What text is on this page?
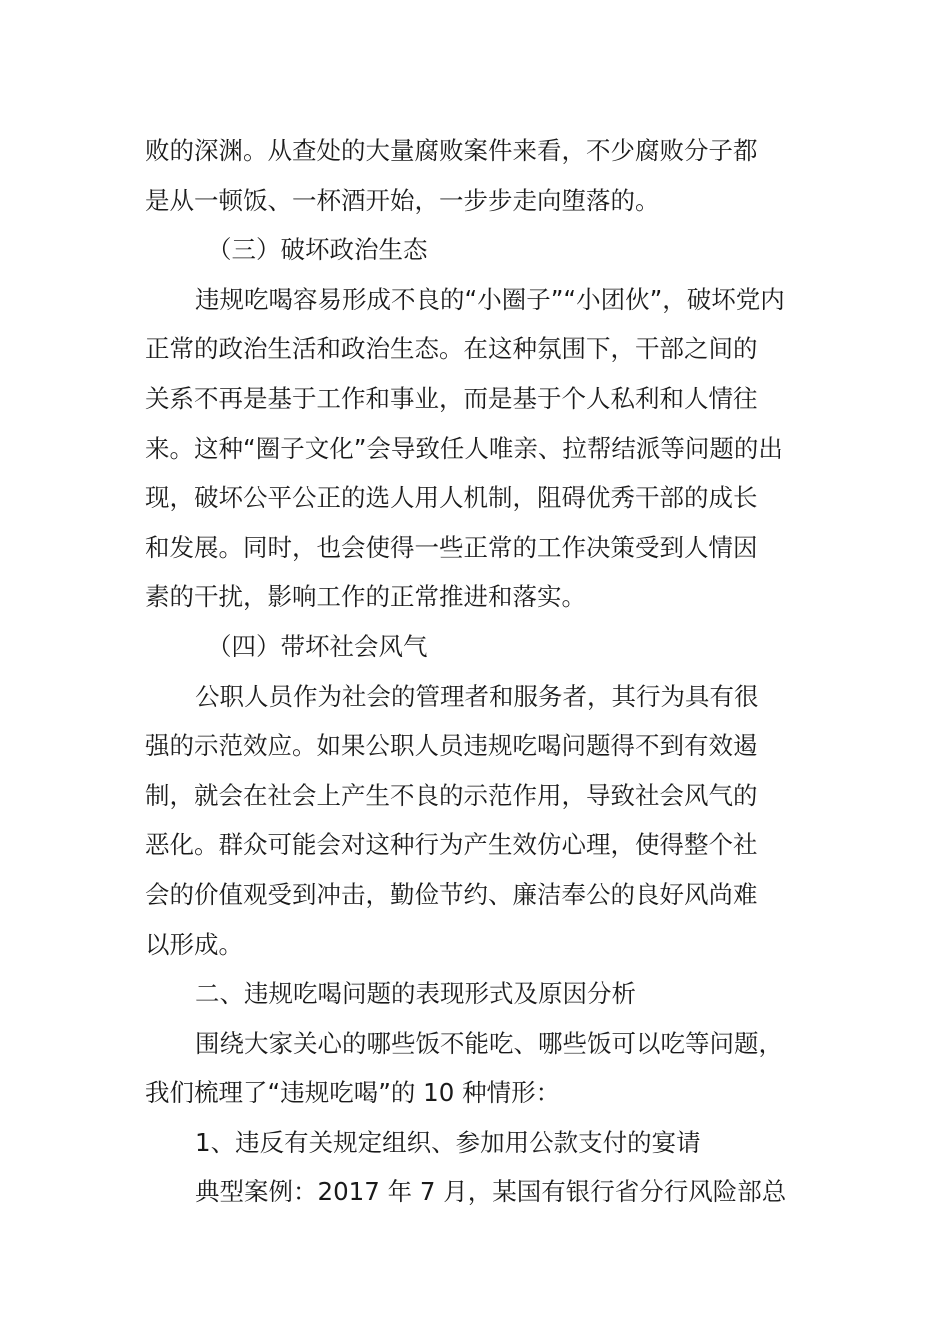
败的深渊。从查处的大量腐败案件来看，不少腐败分子都
是从一顿饭、一杯酒开始，一步步走向堕落的。
（三）破坏政治生态
违规吃喝容易形成不良的“小圈子”“小团伙”，破坏党内
正常的政治生活和政治生态。在这种氛围下，干部之间的
关系不再是基于工作和事业，而是基于个人私利和人情往
来。这种“圈子文化”会导致任人唯亲、拉帮结派等问题的出
现，破坏公平公正的选人用人机制，阻碍优秀干部的成长
和发展。同时，也会使得一些正常的工作决策受到人情因
素的干扰，影响工作的正常推进和落实。
（四）带坏社会风气
公职人员作为社会的管理者和服务者，其行为具有很
强的示范效应。如果公职人员违规吃喝问题得不到有效遏
制，就会在社会上产生不良的示范作用，导致社会风气的
恶化。群众可能会对这种行为产生效仿心理，使得整个社
会的价值观受到冲击，勤俭节约、廉洁奉公的良好风尚难
以形成。
二、违规吃喝问题的表现形式及原因分析
围绕大家关心的哪些饭不能吃、哪些饭可以吃等问题，
我们梳理了“违规吃喝”的 10 种情形：
1、违反有关规定组织、参加用公款支付的宴请
典型案例：2017 年 7 月，某国有银行省分行风险部总
